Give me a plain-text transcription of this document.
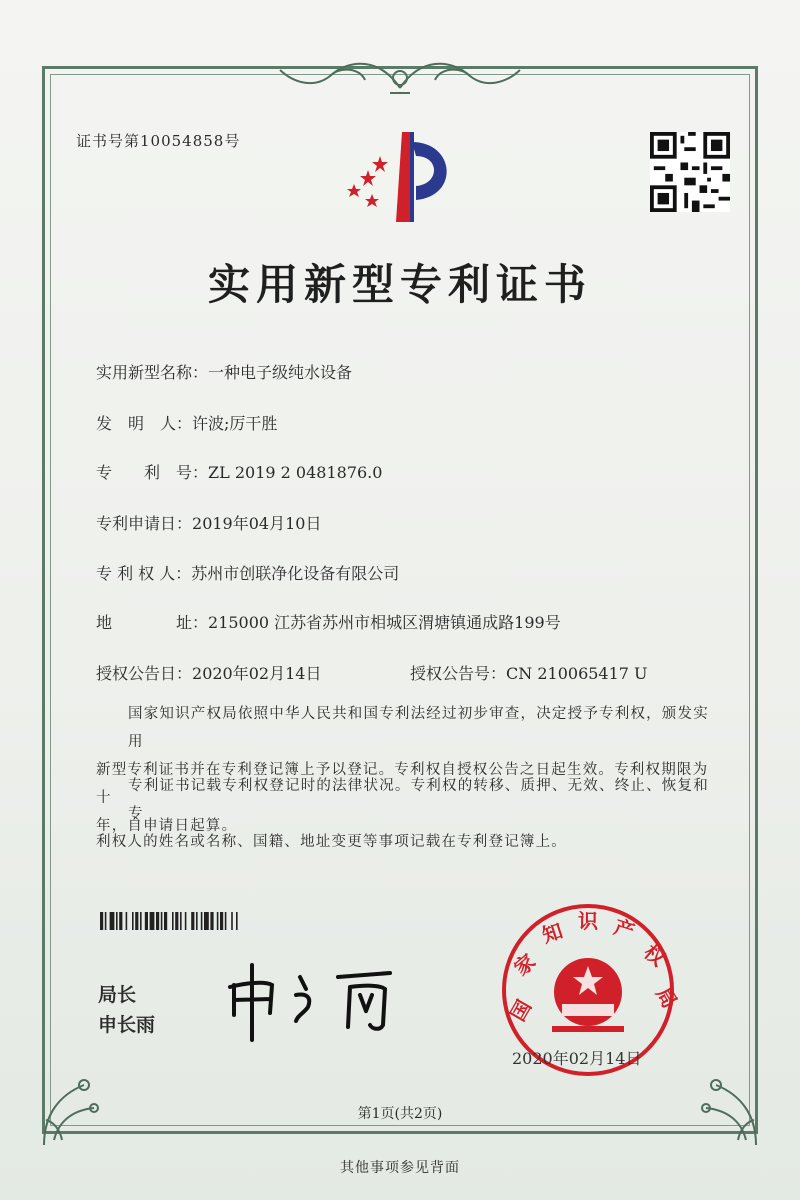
证书号第10054858号
实用新型专利证书
实用新型名称：一种电子级纯水设备
发　明　人：许波;厉干胜
专　　利　号：ZL 2019 2 0481876.0
专利申请日：2019年04月10日
专 利 权 人：苏州市创联净化设备有限公司
地　　　　址：215000 江苏省苏州市相城区渭塘镇通成路199号
授权公告日：2020年02月14日	授权公告号：CN 210065417 U
国家知识产权局依照中华人民共和国专利法经过初步审查，决定授予专利权，颁发实用
新型专利证书并在专利登记簿上予以登记。专利权自授权公告之日起生效。专利权期限为十
年，自申请日起算。
专利证书记载专利权登记时的法律状况。专利权的转移、质押、无效、终止、恢复和专
利权人的姓名或名称、国籍、地址变更等事项记载在专利登记簿上。
局长
申长雨	国
家
知 识 产
权
局
2020年02月14日
第1页(共2页)
其他事项参见背面
